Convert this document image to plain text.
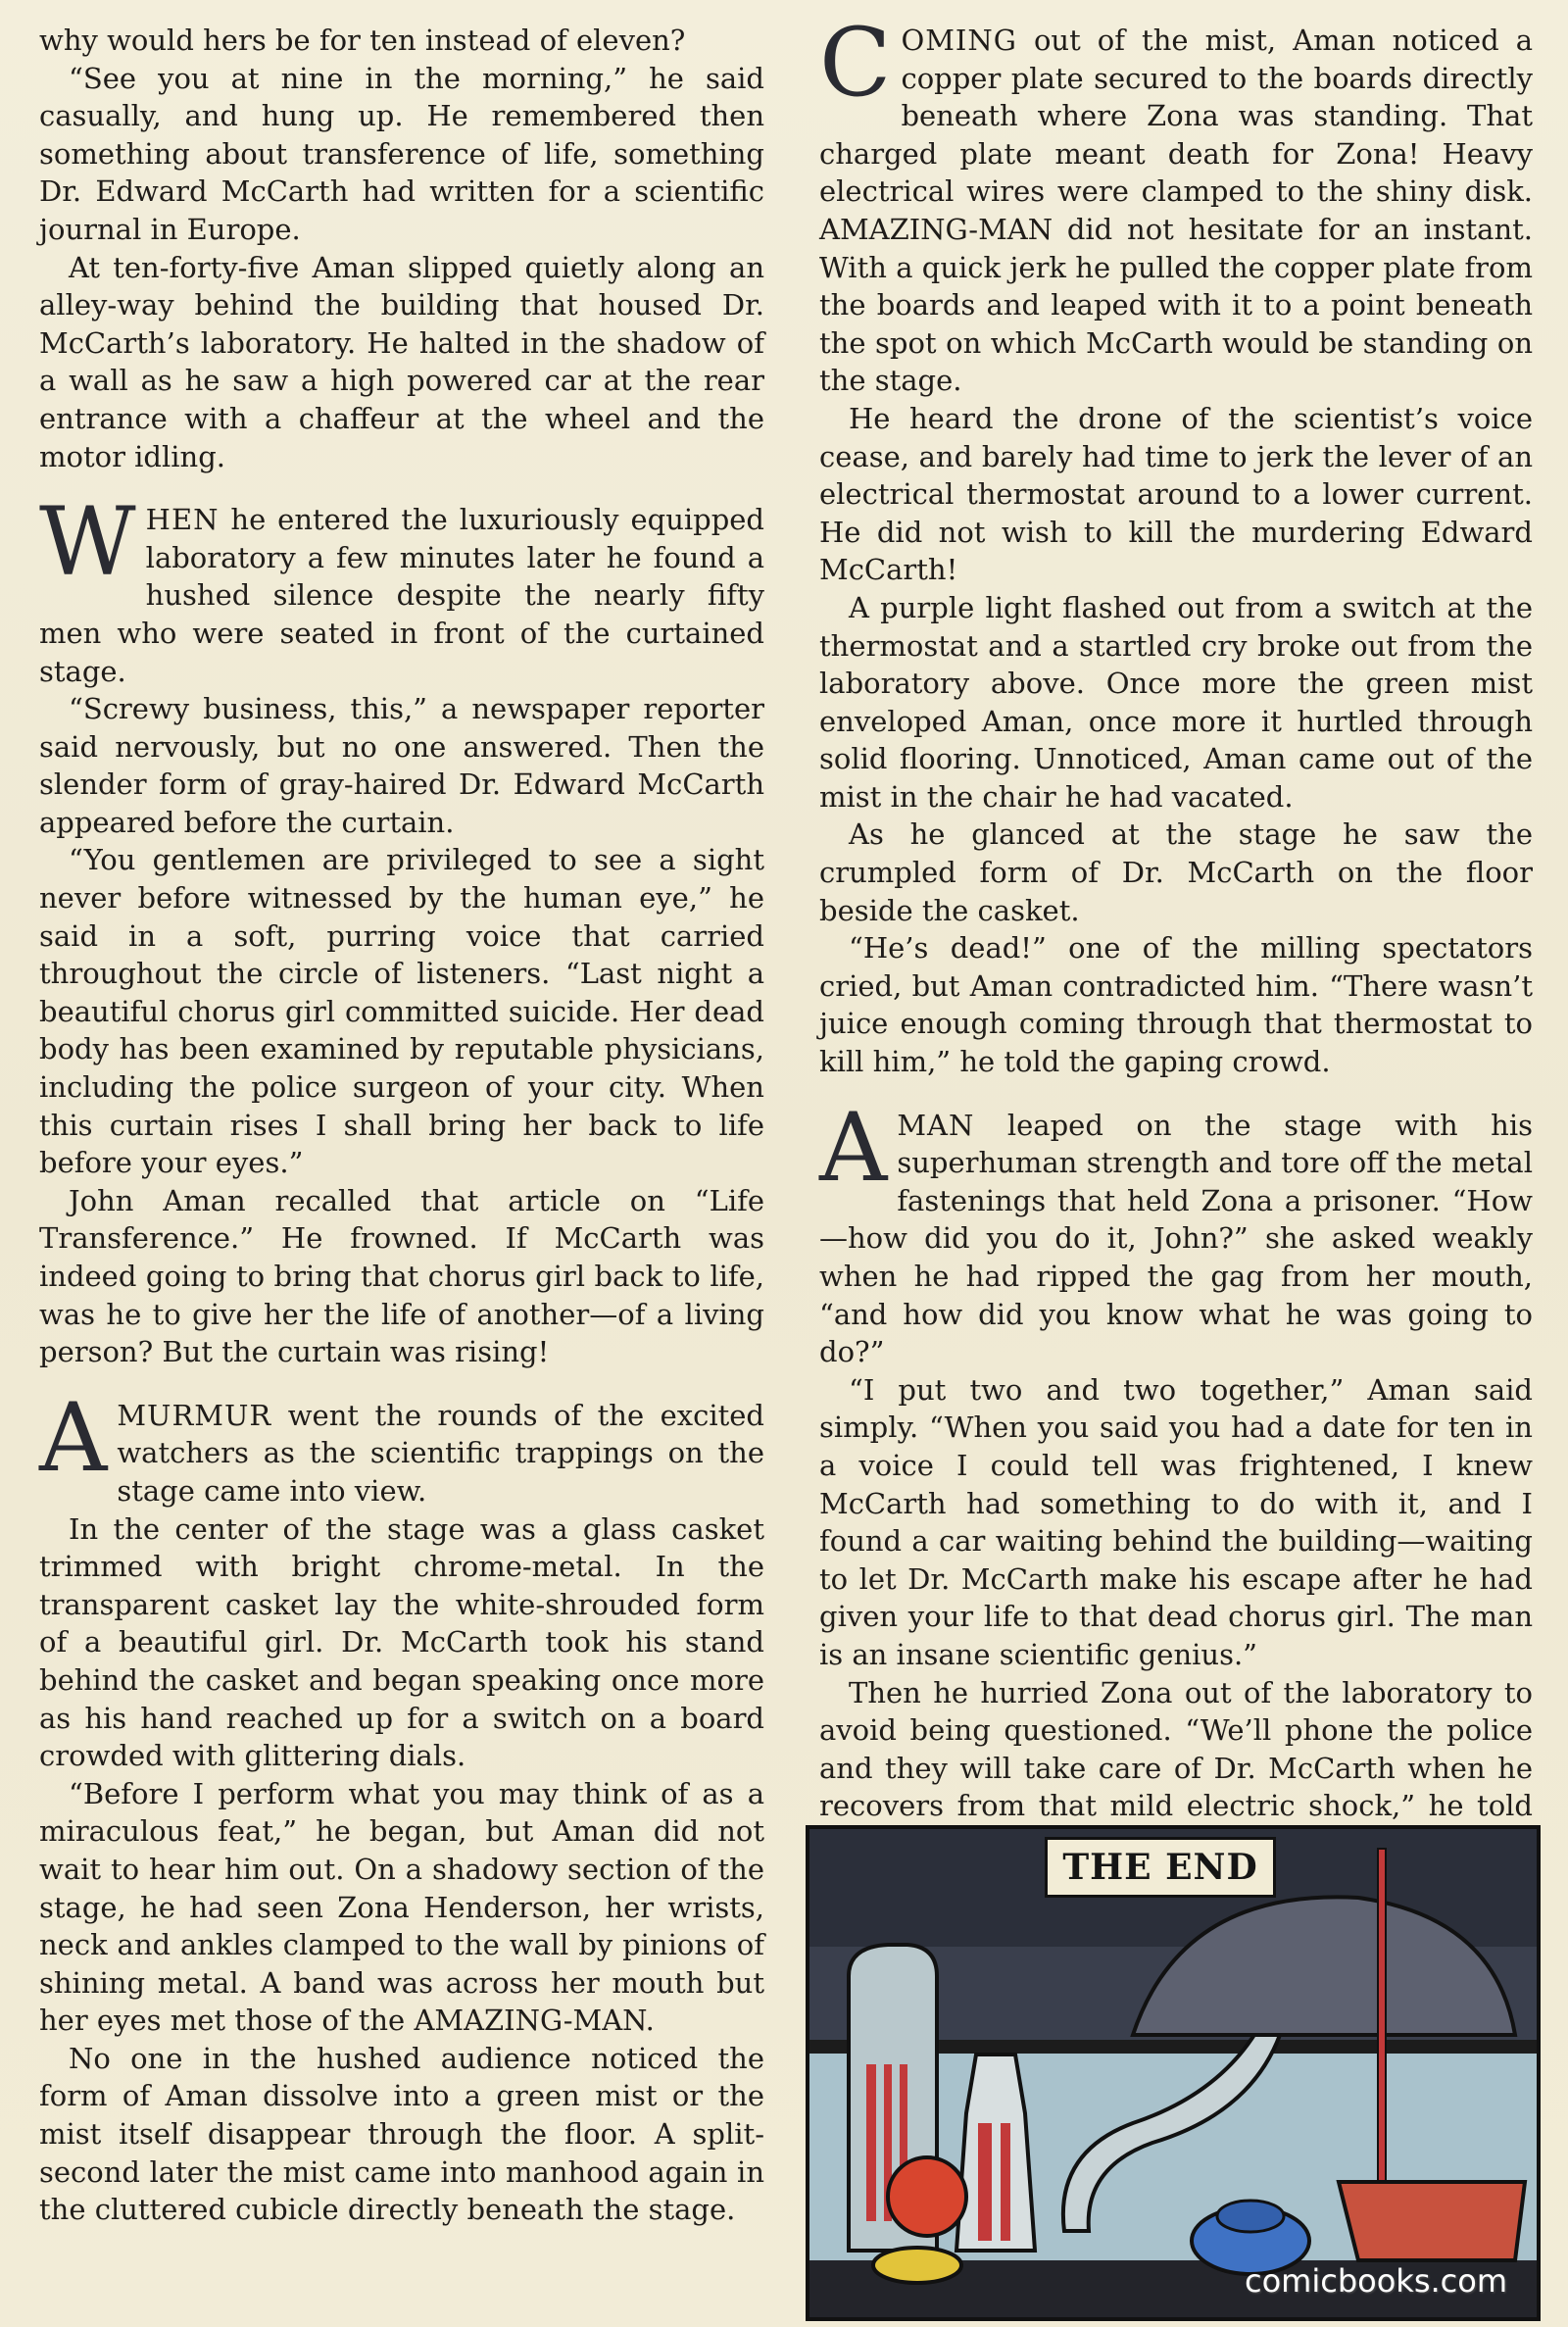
why would hers be for ten instead of eleven?

“See you at nine in the morning,” he said casually, and hung up. He remembered then something about transference of life, something Dr. Edward McCarth had written for a scientific journal in Europe.

At ten-forty-five Aman slipped quietly along an alley-way behind the building that housed Dr. McCarth’s laboratory. He halted in the shadow of a wall as he saw a high powered car at the rear entrance with a chaffeur at the wheel and the motor idling.

WHEN he entered the luxuriously equipped laboratory a few minutes later he found a hushed silence despite the nearly fifty men who were seated in front of the curtained stage.

“Screwy business, this,” a newspaper reporter said nervously, but no one answered. Then the slender form of gray-haired Dr. Edward McCarth appeared before the curtain.

“You gentlemen are privileged to see a sight never before witnessed by the human eye,” he said in a soft, purring voice that carried throughout the circle of listeners. “Last night a beautiful chorus girl committed suicide. Her dead body has been examined by reputable physicians, including the police surgeon of your city. When this curtain rises I shall bring her back to life before your eyes.”

John Aman recalled that article on “Life Transference.” He frowned. If McCarth was indeed going to bring that chorus girl back to life, was he to give her the life of another—of a living person? But the curtain was rising!

AMURMUR went the rounds of the excited watchers as the scientific trappings on the stage came into view.

In the center of the stage was a glass casket trimmed with bright chrome-metal. In the transparent casket lay the white-shrouded form of a beautiful girl. Dr. McCarth took his stand behind the casket and began speaking once more as his hand reached up for a switch on a board crowded with glittering dials.

“Before I perform what you may think of as a miraculous feat,” he began, but Aman did not wait to hear him out. On a shadowy section of the stage, he had seen Zona Henderson, her wrists, neck and ankles clamped to the wall by pinions of shining metal. A band was across her mouth but her eyes met those of the AMAZING-MAN.

No one in the hushed audience noticed the form of Aman dissolve into a green mist or the mist itself disappear through the floor. A split-second later the mist came into manhood again in the cluttered cubicle directly beneath the stage.

COMING out of the mist, Aman noticed a copper plate secured to the boards directly beneath where Zona was standing. That charged plate meant death for Zona! Heavy electrical wires were clamped to the shiny disk. AMAZING-MAN did not hesitate for an instant. With a quick jerk he pulled the copper plate from the boards and leaped with it to a point beneath the spot on which McCarth would be standing on the stage.

He heard the drone of the scientist’s voice cease, and barely had time to jerk the lever of an electrical thermostat around to a lower current. He did not wish to kill the murdering Edward McCarth!

A purple light flashed out from a switch at the thermostat and a startled cry broke out from the laboratory above. Once more the green mist enveloped Aman, once more it hurtled through solid flooring. Unnoticed, Aman came out of the mist in the chair he had vacated.

As he glanced at the stage he saw the crumpled form of Dr. McCarth on the floor beside the casket.

“He’s dead!” one of the milling spectators cried, but Aman contradicted him. “There wasn’t juice enough coming through that thermostat to kill him,” he told the gaping crowd.

AMAN leaped on the stage with his superhuman strength and tore off the metal fastenings that held Zona a prisoner. “How—how did you do it, John?” she asked weakly when he had ripped the gag from her mouth, “and how did you know what he was going to do?”

“I put two and two together,” Aman said simply. “When you said you had a date for ten in a voice I could tell was frightened, I knew McCarth had something to do with it, and I found a car waiting behind the building—waiting to let Dr. McCarth make his escape after he had given your life to that dead chorus girl. The man is an insane scientific genius.”

Then he hurried Zona out of the laboratory to avoid being questioned. “We’ll phone the police and they will take care of Dr. McCarth when he recovers from that mild electric shock,” he told

THE END
comicbooks.com
